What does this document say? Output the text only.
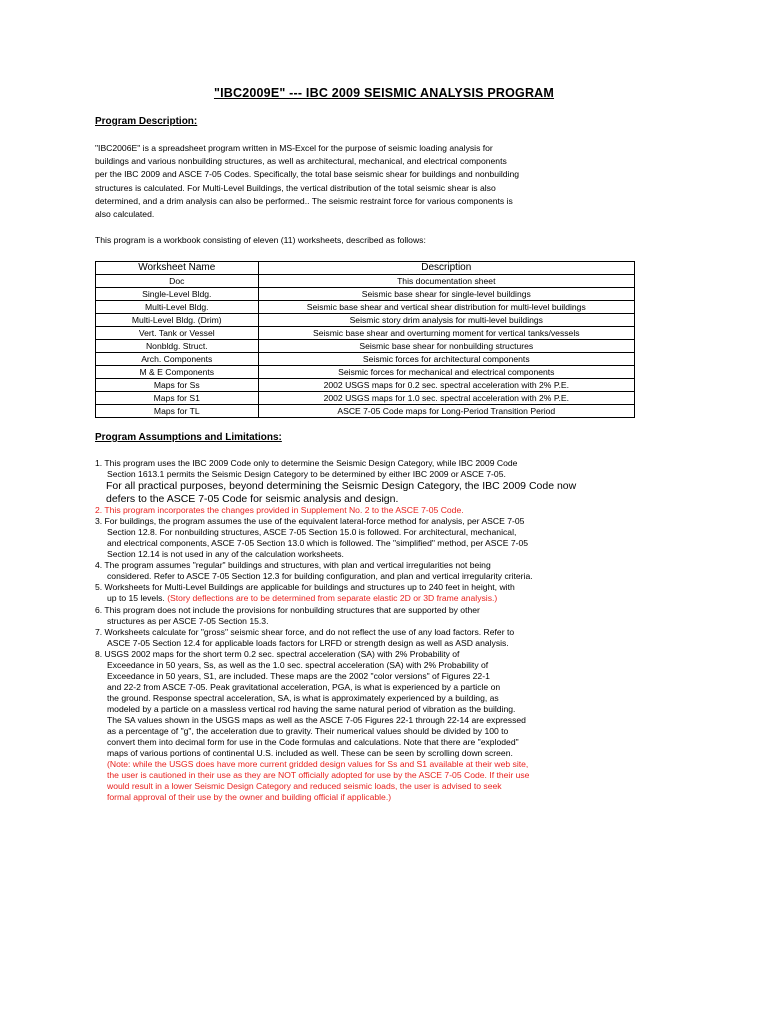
"IBC2009E" --- IBC 2009 SEISMIC ANALYSIS PROGRAM
Program Description:
"IBC2006E" is a spreadsheet program written in MS-Excel for the purpose of seismic loading analysis for
buildings and various nonbuilding structures, as well as architectural, mechanical, and electrical components
per the IBC 2009 and ASCE 7-05 Codes. Specifically, the total base seismic shear for buildings and nonbuilding
structures is calculated. For Multi-Level Buildings, the vertical distribution of the total seismic shear is also
determined, and a drim analysis can also be performed.. The seismic restraint force for various components is
also calculated.
This program is a workbook consisting of eleven (11) worksheets, described as follows:
Worksheet Name	Description
Doc	This documentation sheet
Single-Level Bldg.	Seismic base shear for single-level buildings
Multi-Level Bldg.	Seismic base shear and vertical shear distribution for multi-level buildings
Multi-Level Bldg. (Drim)	Seismic story drim analysis for multi-level buildings
Vert. Tank or Vessel	Seismic base shear and overturning moment for vertical tanks/vessels
Nonbldg. Struct.	Seismic base shear for nonbuilding structures
Arch. Components	Seismic forces for architectural components
M & E Components	Seismic forces for mechanical and electrical components
Maps for Ss	2002 USGS maps for 0.2 sec. spectral acceleration with 2% P.E.
Maps for S1	2002 USGS maps for 1.0 sec. spectral acceleration with 2% P.E.
Maps for TL	ASCE 7-05 Code maps for Long-Period Transition Period
Program Assumptions and Limitations:
1. This program uses the IBC 2009 Code only to determine the Seismic Design Category, while IBC 2009 Code
Section 1613.1 permits the Seismic Design Category to be determined by either IBC 2009 or ASCE 7-05.
For all practical purposes, beyond determining the Seismic Design Category, the IBC 2009 Code now
defers to the ASCE 7-05 Code for seismic analysis and design.
2. This program incorporates the changes provided in Supplement No. 2 to the ASCE 7-05 Code.
3. For buildings, the program assumes the use of the equivalent lateral-force method for analysis, per ASCE 7-05
Section 12.8. For nonbuilding structures, ASCE 7-05 Section 15.0 is followed. For architectural, mechanical,
and electrical components, ASCE 7-05 Section 13.0 which is followed. The "simplified" method, per ASCE 7-05
Section 12.14 is not used in any of the calculation worksheets.
4. The program assumes "regular" buildings and structures, with plan and vertical irregularities not being
considered. Refer to ASCE 7-05 Section 12.3 for building configuration, and plan and vertical irregularity criteria.
5. Worksheets for Multi-Level Buildings are applicable for buildings and structures up to 240 feet in height, with
up to 15 levels. (Story deflections are to be determined from separate elastic 2D or 3D frame analysis.)
6. This program does not include the provisions for nonbuilding structures that are supported by other
structures as per ASCE 7-05 Section 15.3.
7. Worksheets calculate for "gross" seismic shear force, and do not reflect the use of any load factors. Refer to
ASCE 7-05 Section 12.4 for applicable loads factors for LRFD or strength design as well as ASD analysis.
8. USGS 2002 maps for the short term 0.2 sec. spectral acceleration (SA) with 2% Probability of
Exceedance in 50 years, Ss, as well as the 1.0 sec. spectral acceleration (SA) with 2% Probability of
Exceedance in 50 years, S1, are included. These maps are the 2002 "color versions" of Figures 22-1
and 22-2 from ASCE 7-05. Peak gravitational acceleration, PGA, is what is experienced by a particle on
the ground. Response spectral acceleration, SA, is what is approximately experienced by a building, as
modeled by a particle on a massless vertical rod having the same natural period of vibration as the building.
The SA values shown in the USGS maps as well as the ASCE 7-05 Figures 22-1 through 22-14 are expressed
as a percentage of "g", the acceleration due to gravity. Their numerical values should be divided by 100 to
convert them into decimal form for use in the Code formulas and calculations. Note that there are "exploded"
maps of various portions of continental U.S. included as well. These can be seen by scrolling down screen.
(Note: while the USGS does have more current gridded design values for Ss and S1 available at their web site,
the user is cautioned in their use as they are NOT officially adopted for use by the ASCE 7-05 Code. If their use
would result in a lower Seismic Design Category and reduced seismic loads, the user is advised to seek
formal approval of their use by the owner and building official if applicable.)
